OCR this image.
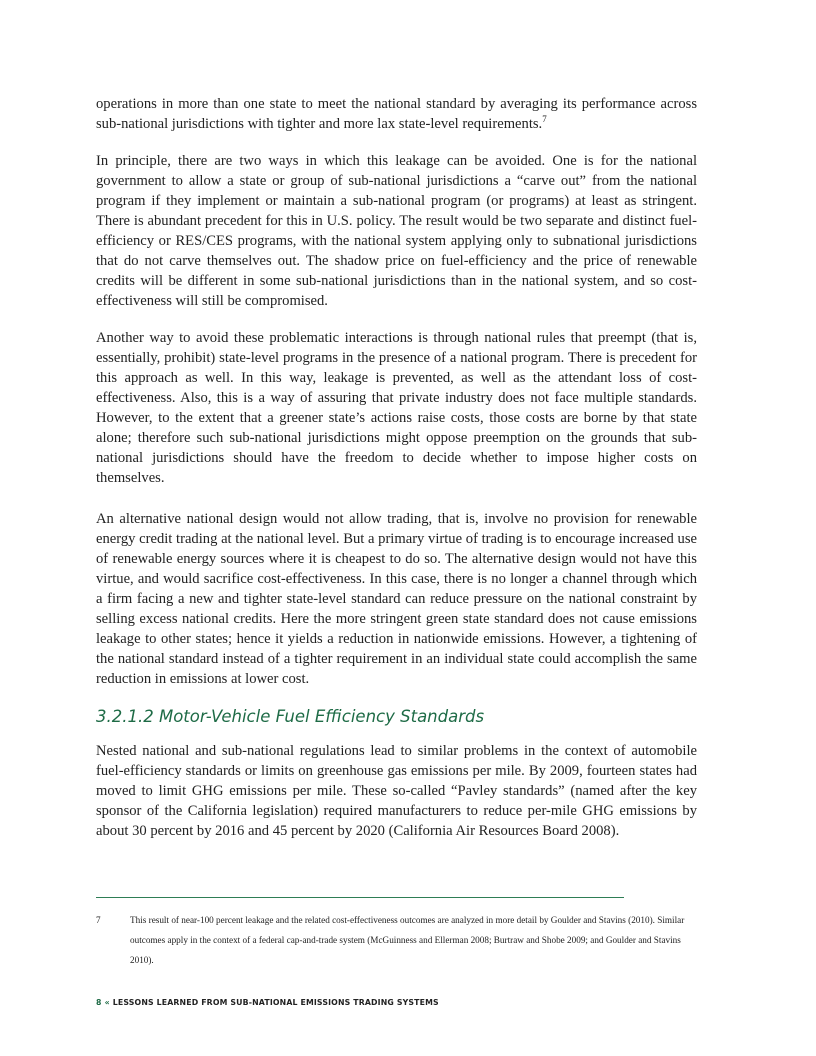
operations in more than one state to meet the national standard by averaging its performance across sub-national jurisdictions with tighter and more lax state-level requirements.$^7$

In principle, there are two ways in which this leakage can be avoided. One is for the national government to allow a state or group of sub-national jurisdictions a “carve out” from the national program if they implement or maintain a sub-national program (or programs) at least as stringent. There is abundant precedent for this in U.S. policy. The result would be two separate and distinct fuel-efficiency or RES/CES programs, with the national system applying only to subnational jurisdictions that do not carve themselves out. The shadow price on fuel-efficiency and the price of renewable credits will be different in some sub-national jurisdictions than in the national system, and so cost-effectiveness will still be compromised.

Another way to avoid these problematic interactions is through national rules that preempt (that is, essentially, prohibit) state-level programs in the presence of a national program. There is precedent for this approach as well. In this way, leakage is prevented, as well as the attendant loss of cost-effectiveness. Also, this is a way of assuring that private industry does not face multiple standards. However, to the extent that a greener state’s actions raise costs, those costs are borne by that state alone; therefore such sub-national jurisdictions might oppose preemption on the grounds that sub-national jurisdictions should have the freedom to decide whether to impose higher costs on themselves.

An alternative national design would not allow trading, that is, involve no provision for renewable energy credit trading at the national level. But a primary virtue of trading is to encourage increased use of renewable energy sources where it is cheapest to do so. The alternative design would not have this virtue, and would sacrifice cost-effectiveness. In this case, there is no longer a channel through which a firm facing a new and tighter state-level standard can reduce pressure on the national constraint by selling excess national credits. Here the more stringent green state standard does not cause emissions leakage to other states; hence it yields a reduction in nationwide emissions. However, a tightening of the national standard instead of a tighter requirement in an individual state could accomplish the same reduction in emissions at lower cost.

3.2.1.2 Motor-Vehicle Fuel Efficiency Standards

Nested national and sub-national regulations lead to similar problems in the context of automobile fuel-efficiency standards or limits on greenhouse gas emissions per mile. By 2009, fourteen states had moved to limit GHG emissions per mile. These so-called “Pavley standards” (named after the key sponsor of the California legislation) required manufacturers to reduce per-mile GHG emissions by about 30 percent by 2016 and 45 percent by 2020 (California Air Resources Board 2008).

7	This result of near-100 percent leakage and the related cost-effectiveness outcomes are analyzed in more detail by Goulder and Stavins (2010). Similar outcomes apply in the context of a federal cap-and-trade system (McGuinness and Ellerman 2008; Burtraw and Shobe 2009; and Goulder and Stavins 2010).
8 « LESSONS LEARNED FROM SUB-NATIONAL EMISSIONS TRADING SYSTEMS
